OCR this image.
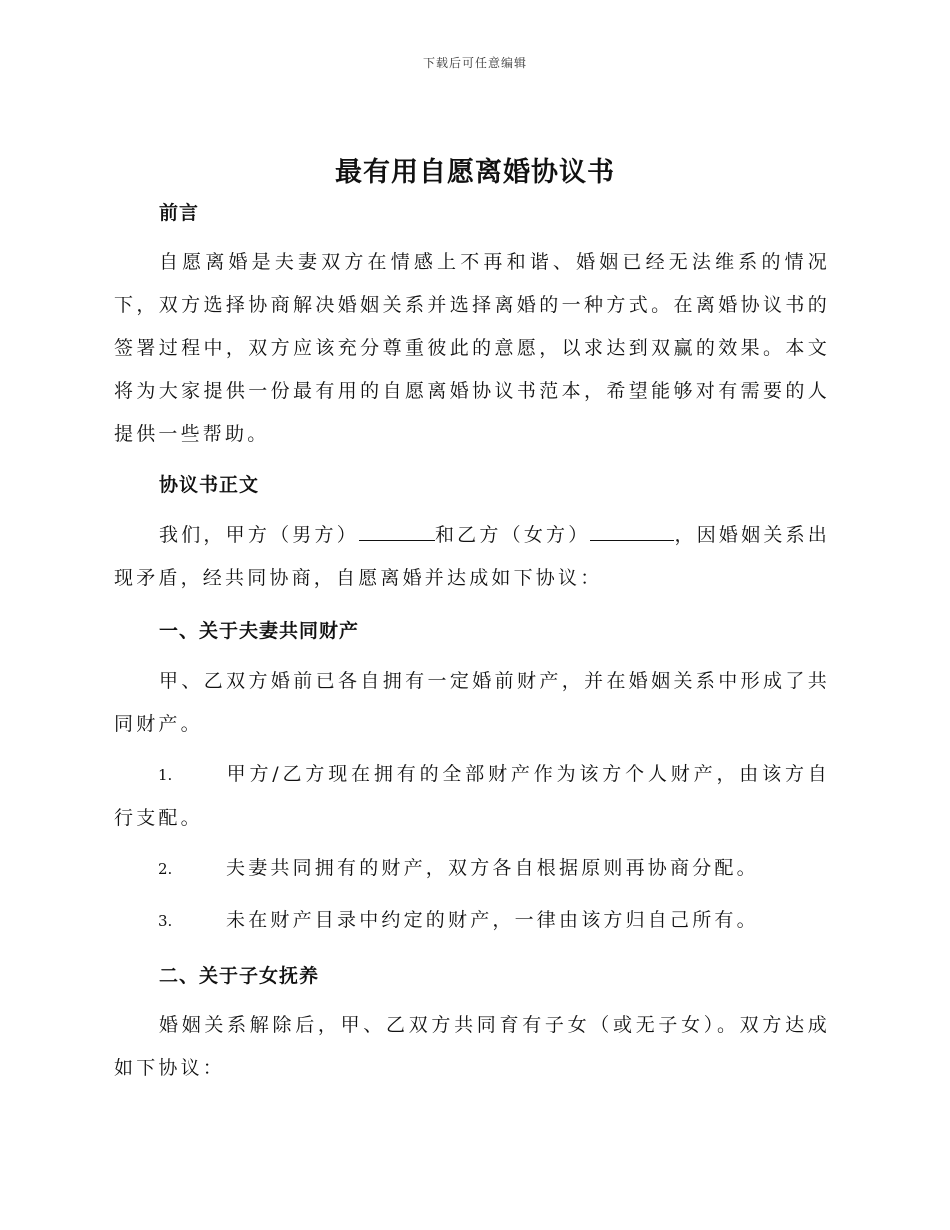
下载后可任意编辑
最有用自愿离婚协议书
前言

自愿离婚是夫妻双方在情感上不再和谐、婚姻已经无法维系的情况下，双方选择协商解决婚姻关系并选择离婚的一种方式。在离婚协议书的签署过程中，双方应该充分尊重彼此的意愿，以求达到双赢的效果。本文将为大家提供一份最有用的自愿离婚协议书范本，希望能够对有需要的人提供一些帮助。

协议书正文

我们，甲方（男方）	和乙方（女方）	，因婚姻关系出现矛盾，经共同协商，自愿离婚并达成如下协议：

一、关于夫妻共同财产

甲、乙双方婚前已各自拥有一定婚前财产，并在婚姻关系中形成了共同财产。

1.	甲方/乙方现在拥有的全部财产作为该方个人财产，由该方自行支配。

2.	夫妻共同拥有的财产，双方各自根据原则再协商分配。

3.	未在财产目录中约定的财产，一律由该方归自己所有。

二、关于子女抚养

婚姻关系解除后，甲、乙双方共同育有子女（或无子女）。双方达成如下协议：
